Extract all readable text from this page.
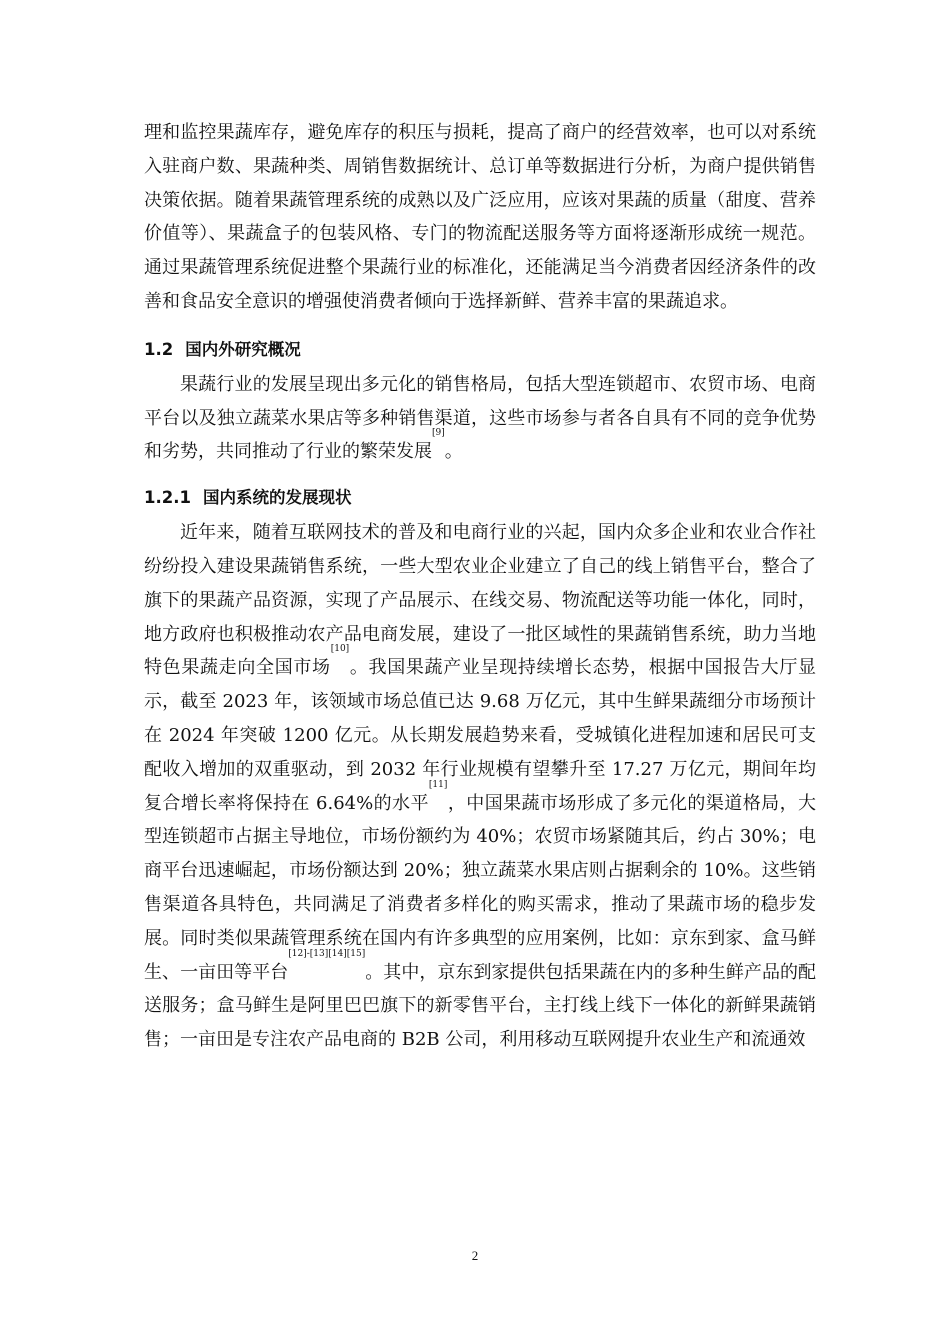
理和监控果蔬库存，避免库存的积压与损耗，提高了商户的经营效率，也可以对系统入驻商户数、果蔬种类、周销售数据统计、总订单等数据进行分析，为商户提供销售决策依据。随着果蔬管理系统的成熟以及广泛应用，应该对果蔬的质量（甜度、营养价值等）、果蔬盒子的包装风格、专门的物流配送服务等方面将逐渐形成统一规范。通过果蔬管理系统促进整个果蔬行业的标准化，还能满足当今消费者因经济条件的改善和食品安全意识的增强使消费者倾向于选择新鲜、营养丰富的果蔬追求。

1.2 国内外研究概况

果蔬行业的发展呈现出多元化的销售格局，包括大型连锁超市、农贸市场、电商平台以及独立蔬菜水果店等多种销售渠道，这些市场参与者各自具有不同的竞争优势和劣势，共同推动了行业的繁荣发展[9]。

1.2.1 国内系统的发展现状

近年来，随着互联网技术的普及和电商行业的兴起，国内众多企业和农业合作社纷纷投入建设果蔬销售系统，一些大型农业企业建立了自己的线上销售平台，整合了旗下的果蔬产品资源，实现了产品展示、在线交易、物流配送等功能一体化，同时，地方政府也积极推动农产品电商发展，建设了一批区域性的果蔬销售系统，助力当地特色果蔬走向全国市场[10]。我国果蔬产业呈现持续增长态势，根据中国报告大厅显示，截至 2023 年，该领域市场总值已达 9.68 万亿元，其中生鲜果蔬细分市场预计在 2024 年突破 1200 亿元。从长期发展趋势来看，受城镇化进程加速和居民可支配收入增加的双重驱动，到 2032 年行业规模有望攀升至 17.27 万亿元，期间年均复合增长率将保持在 6.64%的水平[11]，中国果蔬市场形成了多元化的渠道格局，大型连锁超市占据主导地位，市场份额约为 40%；农贸市场紧随其后，约占 30%；电商平台迅速崛起，市场份额达到 20%；独立蔬菜水果店则占据剩余的 10%。这些销售渠道各具特色，共同满足了消费者多样化的购买需求，推动了果蔬市场的稳步发展。同时类似果蔬管理系统在国内有许多典型的应用案例，比如：京东到家、盒马鲜生、一亩田等平台[12]-[13][14][15]。其中，京东到家提供包括果蔬在内的多种生鲜产品的配送服务；盒马鲜生是阿里巴巴旗下的新零售平台，主打线上线下一体化的新鲜果蔬销售；一亩田是专注农产品电商的 B2B 公司，利用移动互联网提升农业生产和流通效

2
